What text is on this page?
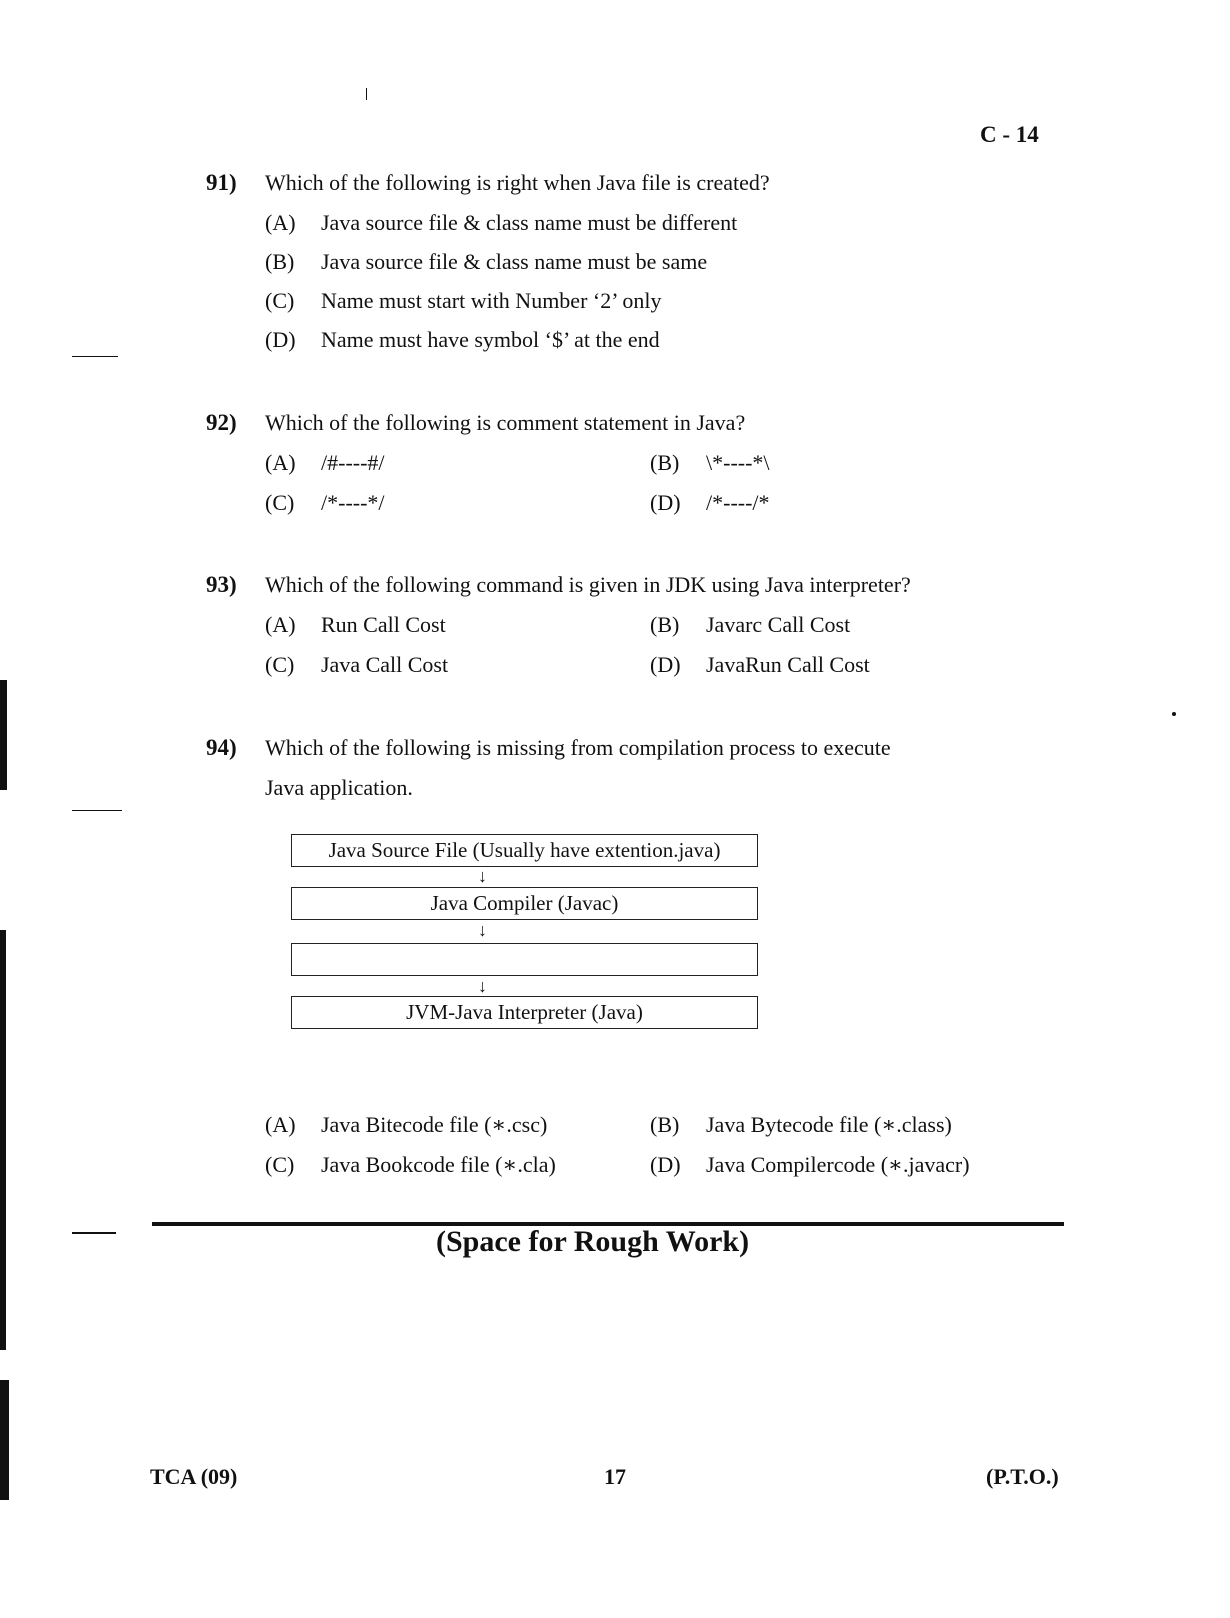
C - 14
91) Which of the following is right when Java file is created?
(A) Java source file & class name must be different
(B) Java source file & class name must be same
(C) Name must start with Number ‘2’ only
(D) Name must have symbol ‘$’ at the end
92) Which of the following is comment statement in Java?
(A) /#----#/	(B) \*----*\
(C) /*----*/	(D) /*----/*
93) Which of the following command is given in JDK using Java interpreter?
(A) Run Call Cost	(B) Javarc Call Cost
(C) Java Call Cost	(D) JavaRun Call Cost
94) Which of the following is missing from compilation process to execute
Java application.
Java Source File (Usually have extention.java)
↓
Java Compiler (Javac)
↓
↓
JVM-Java Interpreter (Java)
(A) Java Bitecode file (∗.csc)	(B) Java Bytecode file (∗.class)
(C) Java Bookcode file (∗.cla)	(D) Java Compilercode (∗.javacr)
(Space for Rough Work)
TCA (09)	17	(P.T.O.)
